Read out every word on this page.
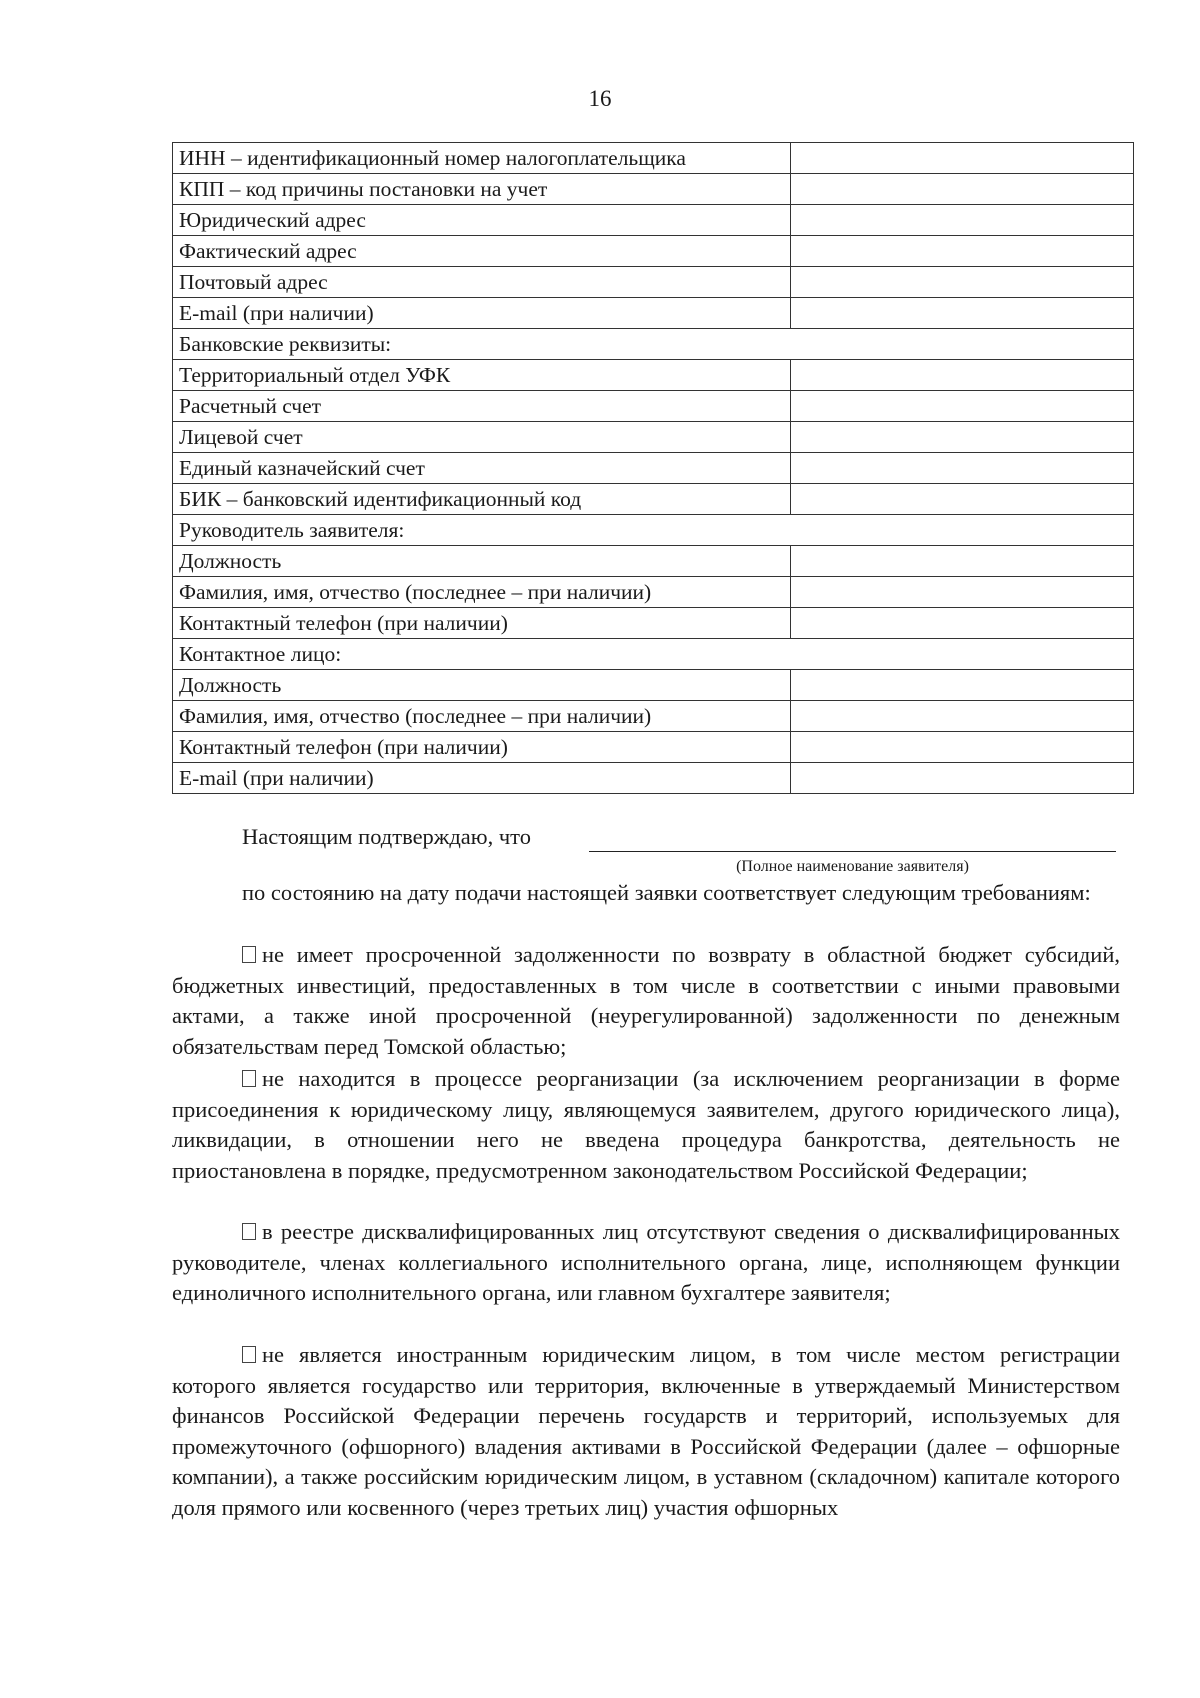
16
ИНН – идентификационный номер налогоплательщика	
КПП – код причины постановки на учет	
Юридический адрес	
Фактический адрес	
Почтовый адрес	
E-mail (при наличии)	
Банковские реквизиты:	
Территориальный отдел УФК	
Расчетный счет	
Лицевой счет	
Единый казначейский счет	
БИК – банковский идентификационный код	
Руководитель заявителя:	
Должность	
Фамилия, имя, отчество (последнее – при наличии)	
Контактный телефон (при наличии)	
Контактное лицо:	
Должность	
Фамилия, имя, отчество (последнее – при наличии)	
Контактный телефон (при наличии)	
E-mail (при наличии)	
Настоящим подтверждаю, что
(Полное наименование заявителя)
по состоянию на дату подачи настоящей заявки соответствует следующим требованиям:
не имеет просроченной задолженности по возврату в областной бюджет субсидий, бюджетных инвестиций, предоставленных в том числе в соответствии с иными правовыми актами, а также иной просроченной (неурегулированной) задолженности по денежным обязательствам перед Томской областью;
не находится в процессе реорганизации (за исключением реорганизации в форме присоединения к юридическому лицу, являющемуся заявителем, другого юридического лица), ликвидации, в отношении него не введена процедура банкротства, деятельность не приостановлена в порядке, предусмотренном законодательством Российской Федерации;
в реестре дисквалифицированных лиц отсутствуют сведения о дисквалифицированных руководителе, членах коллегиального исполнительного органа, лице, исполняющем функции единоличного исполнительного органа, или главном бухгалтере заявителя;
не является иностранным юридическим лицом, в том числе местом регистрации которого является государство или территория, включенные в утверждаемый Министерством финансов Российской Федерации перечень государств и территорий, используемых для промежуточного (офшорного) владения активами в Российской Федерации (далее – офшорные компании), а также российским юридическим лицом, в уставном (складочном) капитале которого доля прямого или косвенного (через третьих лиц) участия офшорных
